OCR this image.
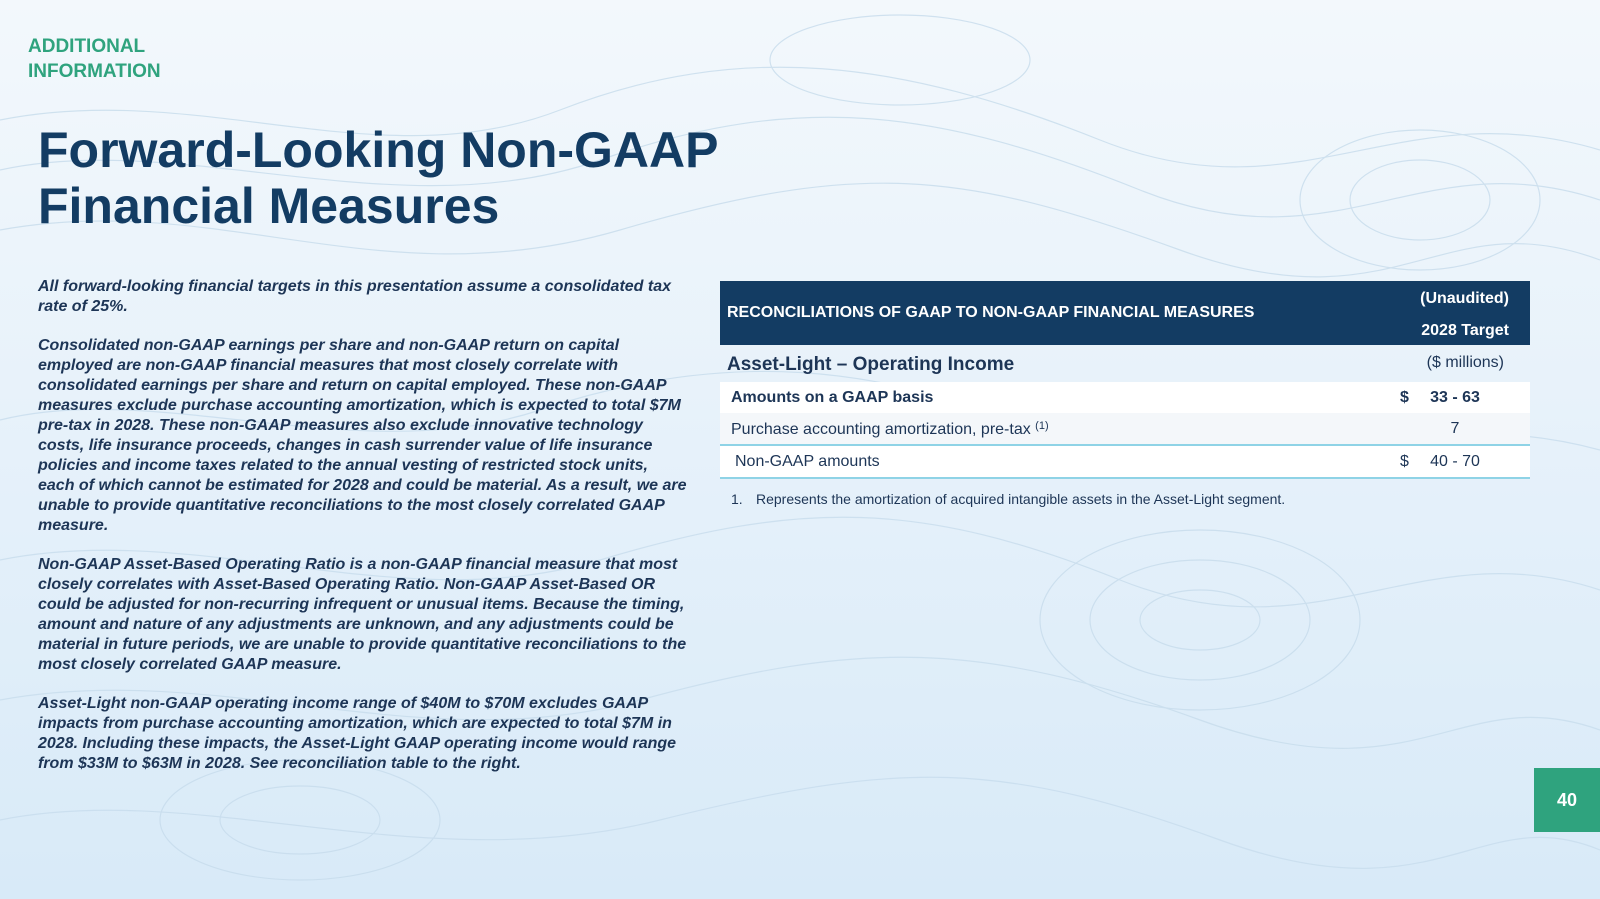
ADDITIONAL
INFORMATION
Forward-Looking Non-GAAP
Financial Measures

All forward-looking financial targets in this presentation assume a consolidated tax rate of 25%.

Consolidated non-GAAP earnings per share and non-GAAP return on capital employed are non-GAAP financial measures that most closely correlate with consolidated earnings per share and return on capital employed. These non-GAAP measures exclude purchase accounting amortization, which is expected to total $7M pre-tax in 2028. These non-GAAP measures also exclude innovative technology costs, life insurance proceeds, changes in cash surrender value of life insurance policies and income taxes related to the annual vesting of restricted stock units, each of which cannot be estimated for 2028 and could be material. As a result, we are unable to provide quantitative reconciliations to the most closely correlated GAAP measure.

Non-GAAP Asset-Based Operating Ratio is a non-GAAP financial measure that most closely correlates with Asset-Based Operating Ratio. Non-GAAP Asset-Based OR could be adjusted for non-recurring infrequent or unusual items. Because the timing, amount and nature of any adjustments are unknown, and any adjustments could be material in future periods, we are unable to provide quantitative reconciliations to the most closely correlated GAAP measure.

Asset-Light non-GAAP operating income range of $40M to $70M excludes GAAP impacts from purchase accounting amortization, which are expected to total $7M in 2028. Including these impacts, the Asset-Light GAAP operating income would range from $33M to $63M in 2028. See reconciliation table to the right.

RECONCILIATIONS OF GAAP TO NON-GAAP FINANCIAL MEASURES
(Unaudited)
2028 Target
Asset-Light – Operating Income	($ millions)
Amounts on a GAAP basis	$	33 - 63
Purchase accounting amortization, pre-tax $^{(1)}$	7
Non-GAAP amounts	$	40 - 70
1. Represents the amortization of acquired intangible assets in the Asset-Light segment.
40
